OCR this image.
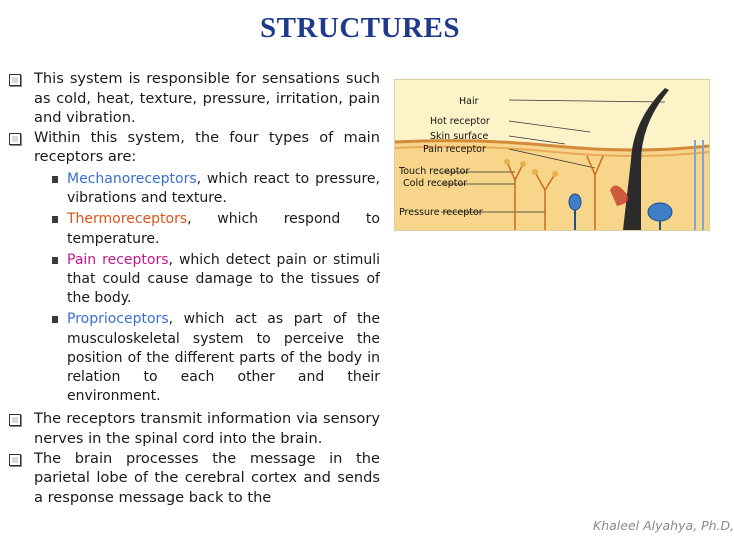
STRUCTURES
This system is responsible for sensations such as cold, heat, texture, pressure, irritation, pain and vibration.
Within this system, the four types of main receptors are:
Mechanoreceptors, which react to pressure, vibrations and texture.
Thermoreceptors, which respond to temperature.
Pain receptors, which detect pain or stimuli that could cause damage to the tissues of the body.
Proprioceptors, which act as part of the musculoskeletal system to perceive the position of the different parts of the body in relation to each other and their environment.
The receptors transmit information via sensory nerves in the spinal cord into the brain.
The brain processes the message in the parietal lobe of the cerebral cortex and sends a response message back to the
Hair
Hot receptor
Skin surface
Pain receptor
Touch receptor
Cold receptor
Pressure receptor
Khaleel Alyahya, Ph.D,
